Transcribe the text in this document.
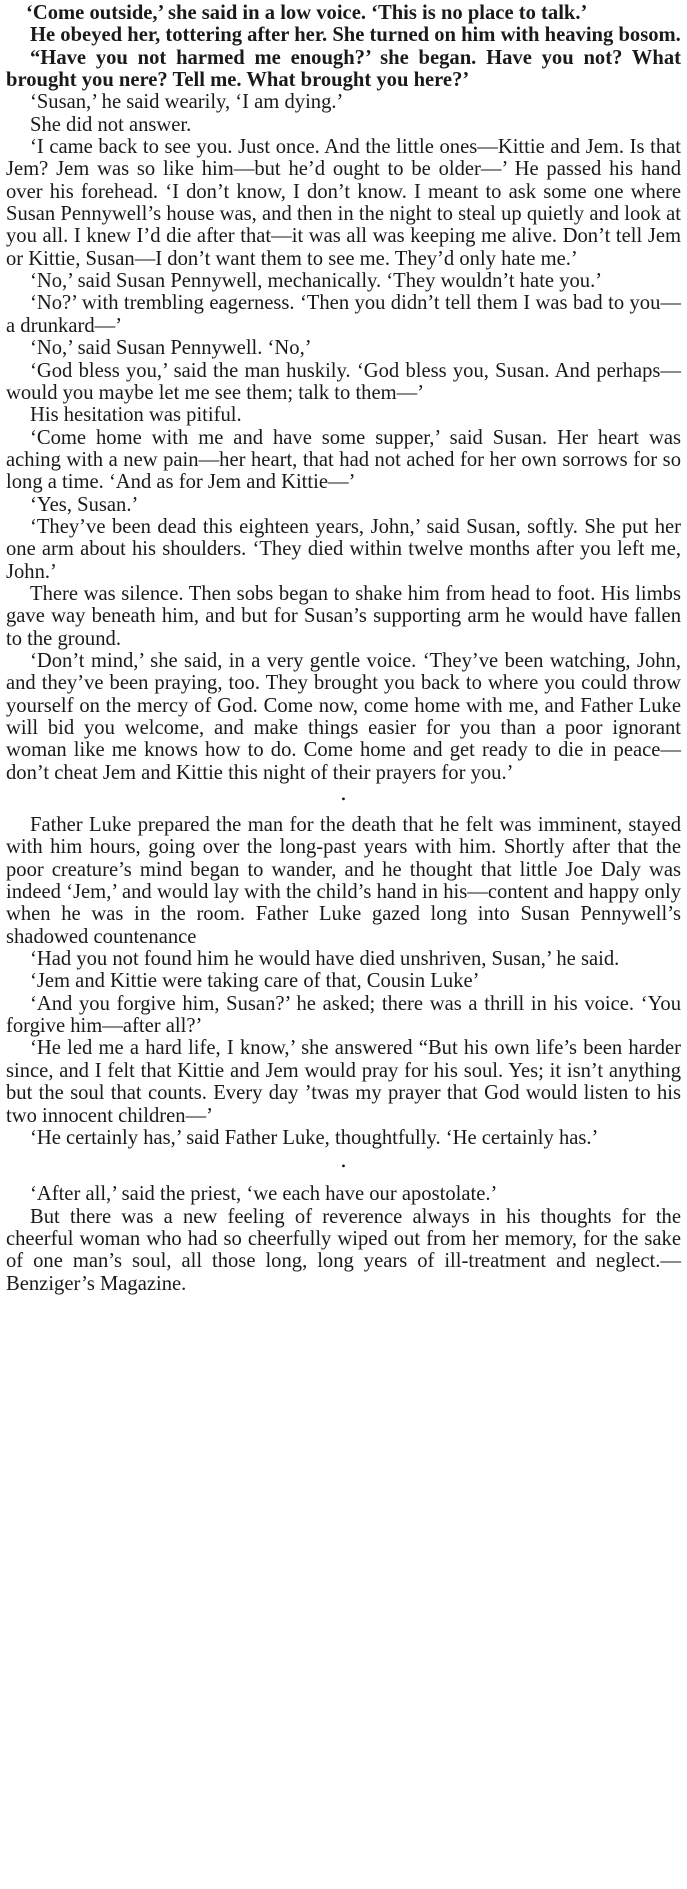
‘Come outside,’ she said in a low voice. ‘This is no place to talk.’

He obeyed her, tottering after her. She turned on him with heaving bosom.

“Have you not harmed me enough?’ she began. Have you not? What brought you nere? Tell me. What brought you here?’

‘Susan,’ he said wearily, ‘I am dying.’

She did not answer.

‘I came back to see you. Just once. And the little ones—Kittie and Jem. Is that Jem? Jem was so like him—but he’d ought to be older—’ He passed his hand over his forehead. ‘I don’t know, I don’t know. I meant to ask some one where Susan Pennywell’s house was, and then in the night to steal up quietly and look at you all. I knew I’d die after that—it was all was keeping me alive. Don’t tell Jem or Kittie, Susan—I don’t want them to see me. They’d only hate me.’

‘No,’ said Susan Pennywell, mechanically. ‘They wouldn’t hate you.’

‘No?’ with trembling eagerness. ‘Then you didn’t tell them I was bad to you—a drunkard—’

‘No,’ said Susan Pennywell. ‘No,’

‘God bless you,’ said the man huskily. ‘God bless you, Susan. And perhaps—would you maybe let me see them; talk to them—’

His hesitation was pitiful.

‘Come home with me and have some supper,’ said Susan. Her heart was aching with a new pain—her heart, that had not ached for her own sorrows for so long a time. ‘And as for Jem and Kittie—’

‘Yes, Susan.’

‘They’ve been dead this eighteen years, John,’ said Susan, softly. She put her one arm about his shoulders. ‘They died within twelve months after you left me, John.’

There was silence. Then sobs began to shake him from head to foot. His limbs gave way beneath him, and but for Susan’s supporting arm he would have fallen to the ground.

‘Don’t mind,’ she said, in a very gentle voice. ‘They’ve been watching, John, and they’ve been praying, too. They brought you back to where you could throw yourself on the mercy of God. Come now, come home with me, and Father Luke will bid you welcome, and make things easier for you than a poor ignorant woman like me knows how to do. Come home and get ready to die in peace—don’t cheat Jem and Kittie this night of their prayers for you.’

•

Father Luke prepared the man for the death that he felt was imminent, stayed with him hours, going over the long-past years with him. Shortly after that the poor creature’s mind began to wander, and he thought that little Joe Daly was indeed ‘Jem,’ and would lay with the child’s hand in his—content and happy only when he was in the room. Father Luke gazed long into Susan Pennywell’s shadowed countenance

‘Had you not found him he would have died unshriven, Susan,’ he said.

‘Jem and Kittie were taking care of that, Cousin Luke’

‘And you forgive him, Susan?’ he asked; there was a thrill in his voice. ‘You forgive him—after all?’

‘He led me a hard life, I know,’ she answered “But his own life’s been harder since, and I felt that Kittie and Jem would pray for his soul. Yes; it isn’t anything but the soul that counts. Every day ’twas my prayer that God would listen to his two innocent children—’

‘He certainly has,’ said Father Luke, thoughtfully. ‘He certainly has.’

•

‘After all,’ said the priest, ‘we each have our apostolate.’

But there was a new feeling of reverence always in his thoughts for the cheerful woman who had so cheerfully wiped out from her memory, for the sake of one man’s soul, all those long, long years of ill-treatment and neglect.—Benziger’s Magazine.
